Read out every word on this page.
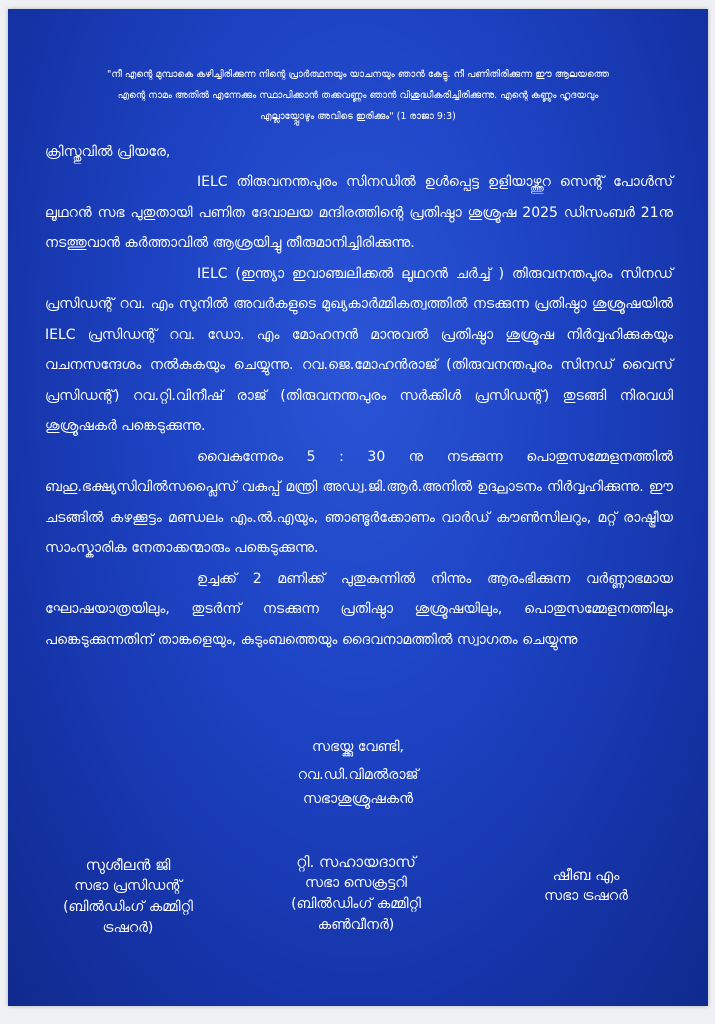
"നീ എന്റെ മുമ്പാകെ കഴിച്ചിരിക്കുന്ന നിന്റെ പ്രാർത്ഥനയും യാചനയും ഞാൻ കേട്ടു. നീ പണിതിരിക്കുന്ന ഈ ആലയത്തെ
എന്റെ നാമം അതിൽ എന്നേക്കും സ്ഥാപിക്കാൻ തക്കവണ്ണം ഞാൻ വിശുദ്ധീകരിച്ചിരിക്കുന്നു. എന്റെ കണ്ണും ഹൃദയവും
എല്ലായ്പ്പോഴും അവിടെ ഇരിക്കും" (1 രാജാ 9:3)
ക്രിസ്തുവിൽ പ്രിയരേ,

IELC തിരുവനന്തപുരം സിനഡിൽ ഉൾപ്പെട്ട ഉളിയാഴ്ത്തുറ സെന്റ് പോൾസ് ലൂഥറൻ സഭ പുതുതായി പണിത ദേവാലയ മന്ദിരത്തിന്റെ പ്രതിഷ്ഠാ ശുശ്രൂഷ 2025 ഡിസംബർ 21നു നടത്തുവാൻ കർത്താവിൽ ആശ്രയിച്ചു തീരുമാനിച്ചിരിക്കുന്നു.

IELC (ഇന്ത്യാ ഇവാഞ്ചലിക്കൽ ലൂഥറൻ ചർച്ച് ) തിരുവനന്തപുരം സിനഡ് പ്രസിഡന്റ് റവ. എം സുനിൽ അവർകളുടെ മുഖ്യകാർമ്മികത്വത്തിൽ നടക്കുന്ന പ്രതിഷ്ഠാ ശുശ്രൂഷയിൽ IELC പ്രസിഡന്റ് റവ. ഡോ. എം മോഹനൻ മാനുവൽ പ്രതിഷ്ഠാ ശുശ്രൂഷ നിർവ്വഹിക്കുകയും വചനസന്ദേശം നൽകുകയും ചെയ്യുന്നു. റവ.ജെ.മോഹൻരാജ് (തിരുവനന്തപുരം സിനഡ് വൈസ് പ്രസിഡന്റ്) റവ.റ്റി.വിനീഷ് രാജ് (തിരുവനന്തപുരം സർക്കിൾ പ്രസിഡന്റ്) തുടങ്ങി നിരവധി ശുശ്രൂഷകർ പങ്കെടുക്കുന്നു.

വൈകുന്നേരം 5 : 30 നു നടക്കുന്ന പൊതുസമ്മേളനത്തിൽ ബഹു.ഭക്ഷ്യസിവിൽസപ്ലൈസ് വകുപ്പ് മന്ത്രി അഡ്വ.ജി.ആർ.അനിൽ ഉദ്ഘാടനം നിർവ്വഹിക്കുന്നു. ഈ ചടങ്ങിൽ കഴക്കൂട്ടം മണ്ഡലം എം.ൽ.എയും, ഞാണ്ടൂർക്കോണം വാർഡ് കൗൺസിലറും, മറ്റ് രാഷ്ട്രീയ സാംസ്കാരിക നേതാക്കന്മാരും പങ്കെടുക്കുന്നു.

ഉച്ചക്ക് 2 മണിക്ക് പുതുകുന്നിൽ നിന്നും ആരംഭിക്കുന്ന വർണ്ണാഭമായ ഘോഷയാത്രയിലും, തുടർന്ന് നടക്കുന്ന പ്രതിഷ്ഠാ ശുശ്രൂഷയിലും, പൊതുസമ്മേളനത്തിലും പങ്കെടുക്കുന്നതിന് താങ്കളെയും, കുടുംബത്തെയും ദൈവനാമത്തിൽ സ്വാഗതം ചെയ്യുന്നു

സഭയ്ക്കു വേണ്ടി,
റവ.ഡി.വിമൽരാജ്
സഭാശുശ്രൂഷകൻ
സുശീലൻ ജി
സഭാ പ്രസിഡന്റ്
(ബിൽഡിംഗ് കമ്മിറ്റി
ട്രഷറർ)
റ്റി. സഹായദാസ്
സഭാ സെക്രട്ടറി
(ബിൽഡിംഗ് കമ്മിറ്റി
കൺവീനർ)
ഷീബ എം
സഭാ ട്രഷറർ
